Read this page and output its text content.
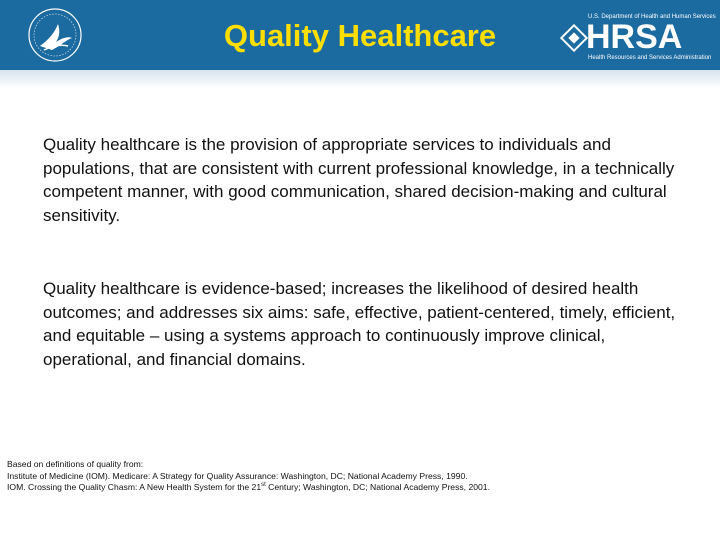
Quality Healthcare
U.S. Department of Health and Human Services
HRSA
Health Resources and Services Administration
Quality healthcare is the provision of appropriate services to individuals and populations, that are consistent with current professional knowledge, in a technically competent manner, with good communication, shared decision-making and cultural sensitivity.
Quality healthcare is evidence-based; increases the likelihood of desired health outcomes; and addresses six aims: safe, effective, patient-centered, timely, efficient, and equitable – using a systems approach to continuously improve clinical, operational, and financial domains.
Based on definitions of quality from:
Institute of Medicine (IOM). Medicare: A Strategy for Quality Assurance: Washington, DC; National Academy Press, 1990.
IOM. Crossing the Quality Chasm: A New Health System for the 21st Century; Washington, DC; National Academy Press, 2001.
